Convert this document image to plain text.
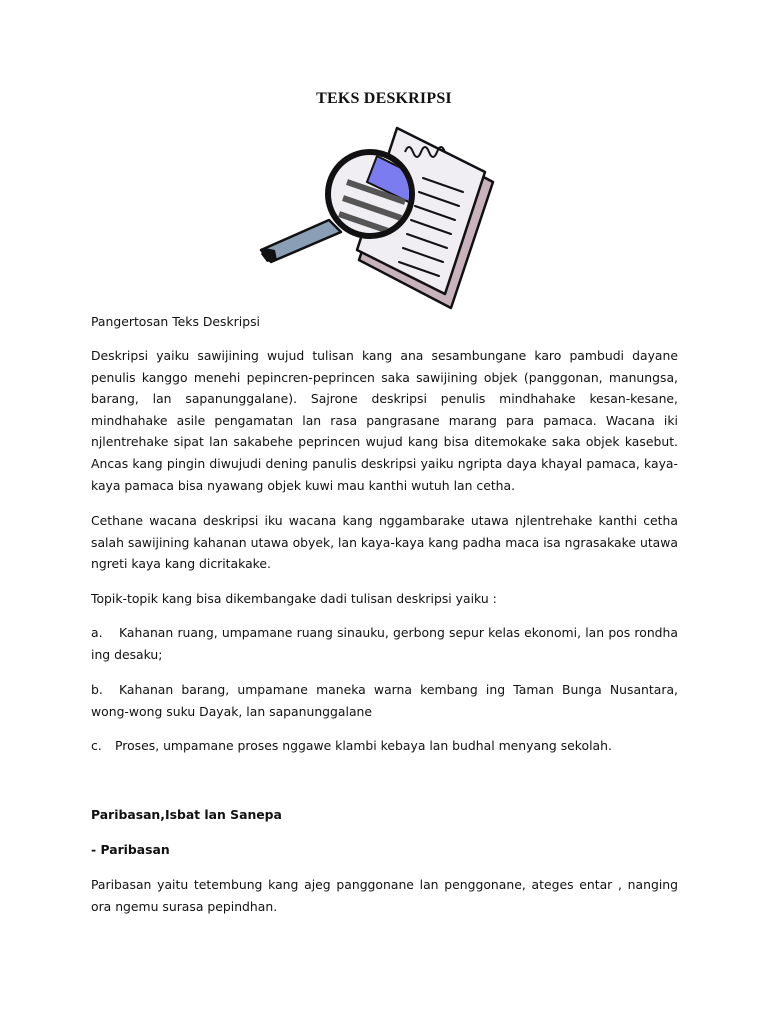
TEKS DESKRIPSI
Pangertosan Teks Deskripsi
Deskripsi yaiku sawijining wujud tulisan kang ana sesambungane karo pambudi dayane penulis kanggo menehi pepincren-peprincen saka sawijining objek (panggonan, manungsa, barang, lan sapanunggalane). Sajrone deskripsi penulis mindhahake kesan-kesane, mindhahake asile pengamatan lan rasa pangrasane marang para pamaca. Wacana iki njlentrehake sipat lan sakabehe peprincen wujud kang bisa ditemokake saka objek kasebut. Ancas kang pingin diwujudi dening panulis deskripsi yaiku ngripta daya khayal pamaca, kaya-kaya pamaca bisa nyawang objek kuwi mau kanthi wutuh lan cetha.
Cethane wacana deskripsi iku wacana kang nggambarake utawa njlentrehake kanthi cetha salah sawijining kahanan utawa obyek, lan kaya-kaya kang padha maca isa ngrasakake utawa ngreti kaya kang dicritakake.
Topik-topik kang bisa dikembangake dadi tulisan deskripsi yaiku :
a. Kahanan ruang, umpamane ruang sinauku, gerbong sepur kelas ekonomi, lan pos rondha ing desaku;
b. Kahanan barang, umpamane maneka warna kembang ing Taman Bunga Nusantara, wong-wong suku Dayak, lan sapanunggalane
c. Proses, umpamane proses nggawe klambi kebaya lan budhal menyang sekolah.
Paribasan,Isbat lan Sanepa
- Paribasan
Paribasan yaitu tetembung kang ajeg panggonane lan penggonane, ateges entar , nanging ora ngemu surasa pepindhan.
